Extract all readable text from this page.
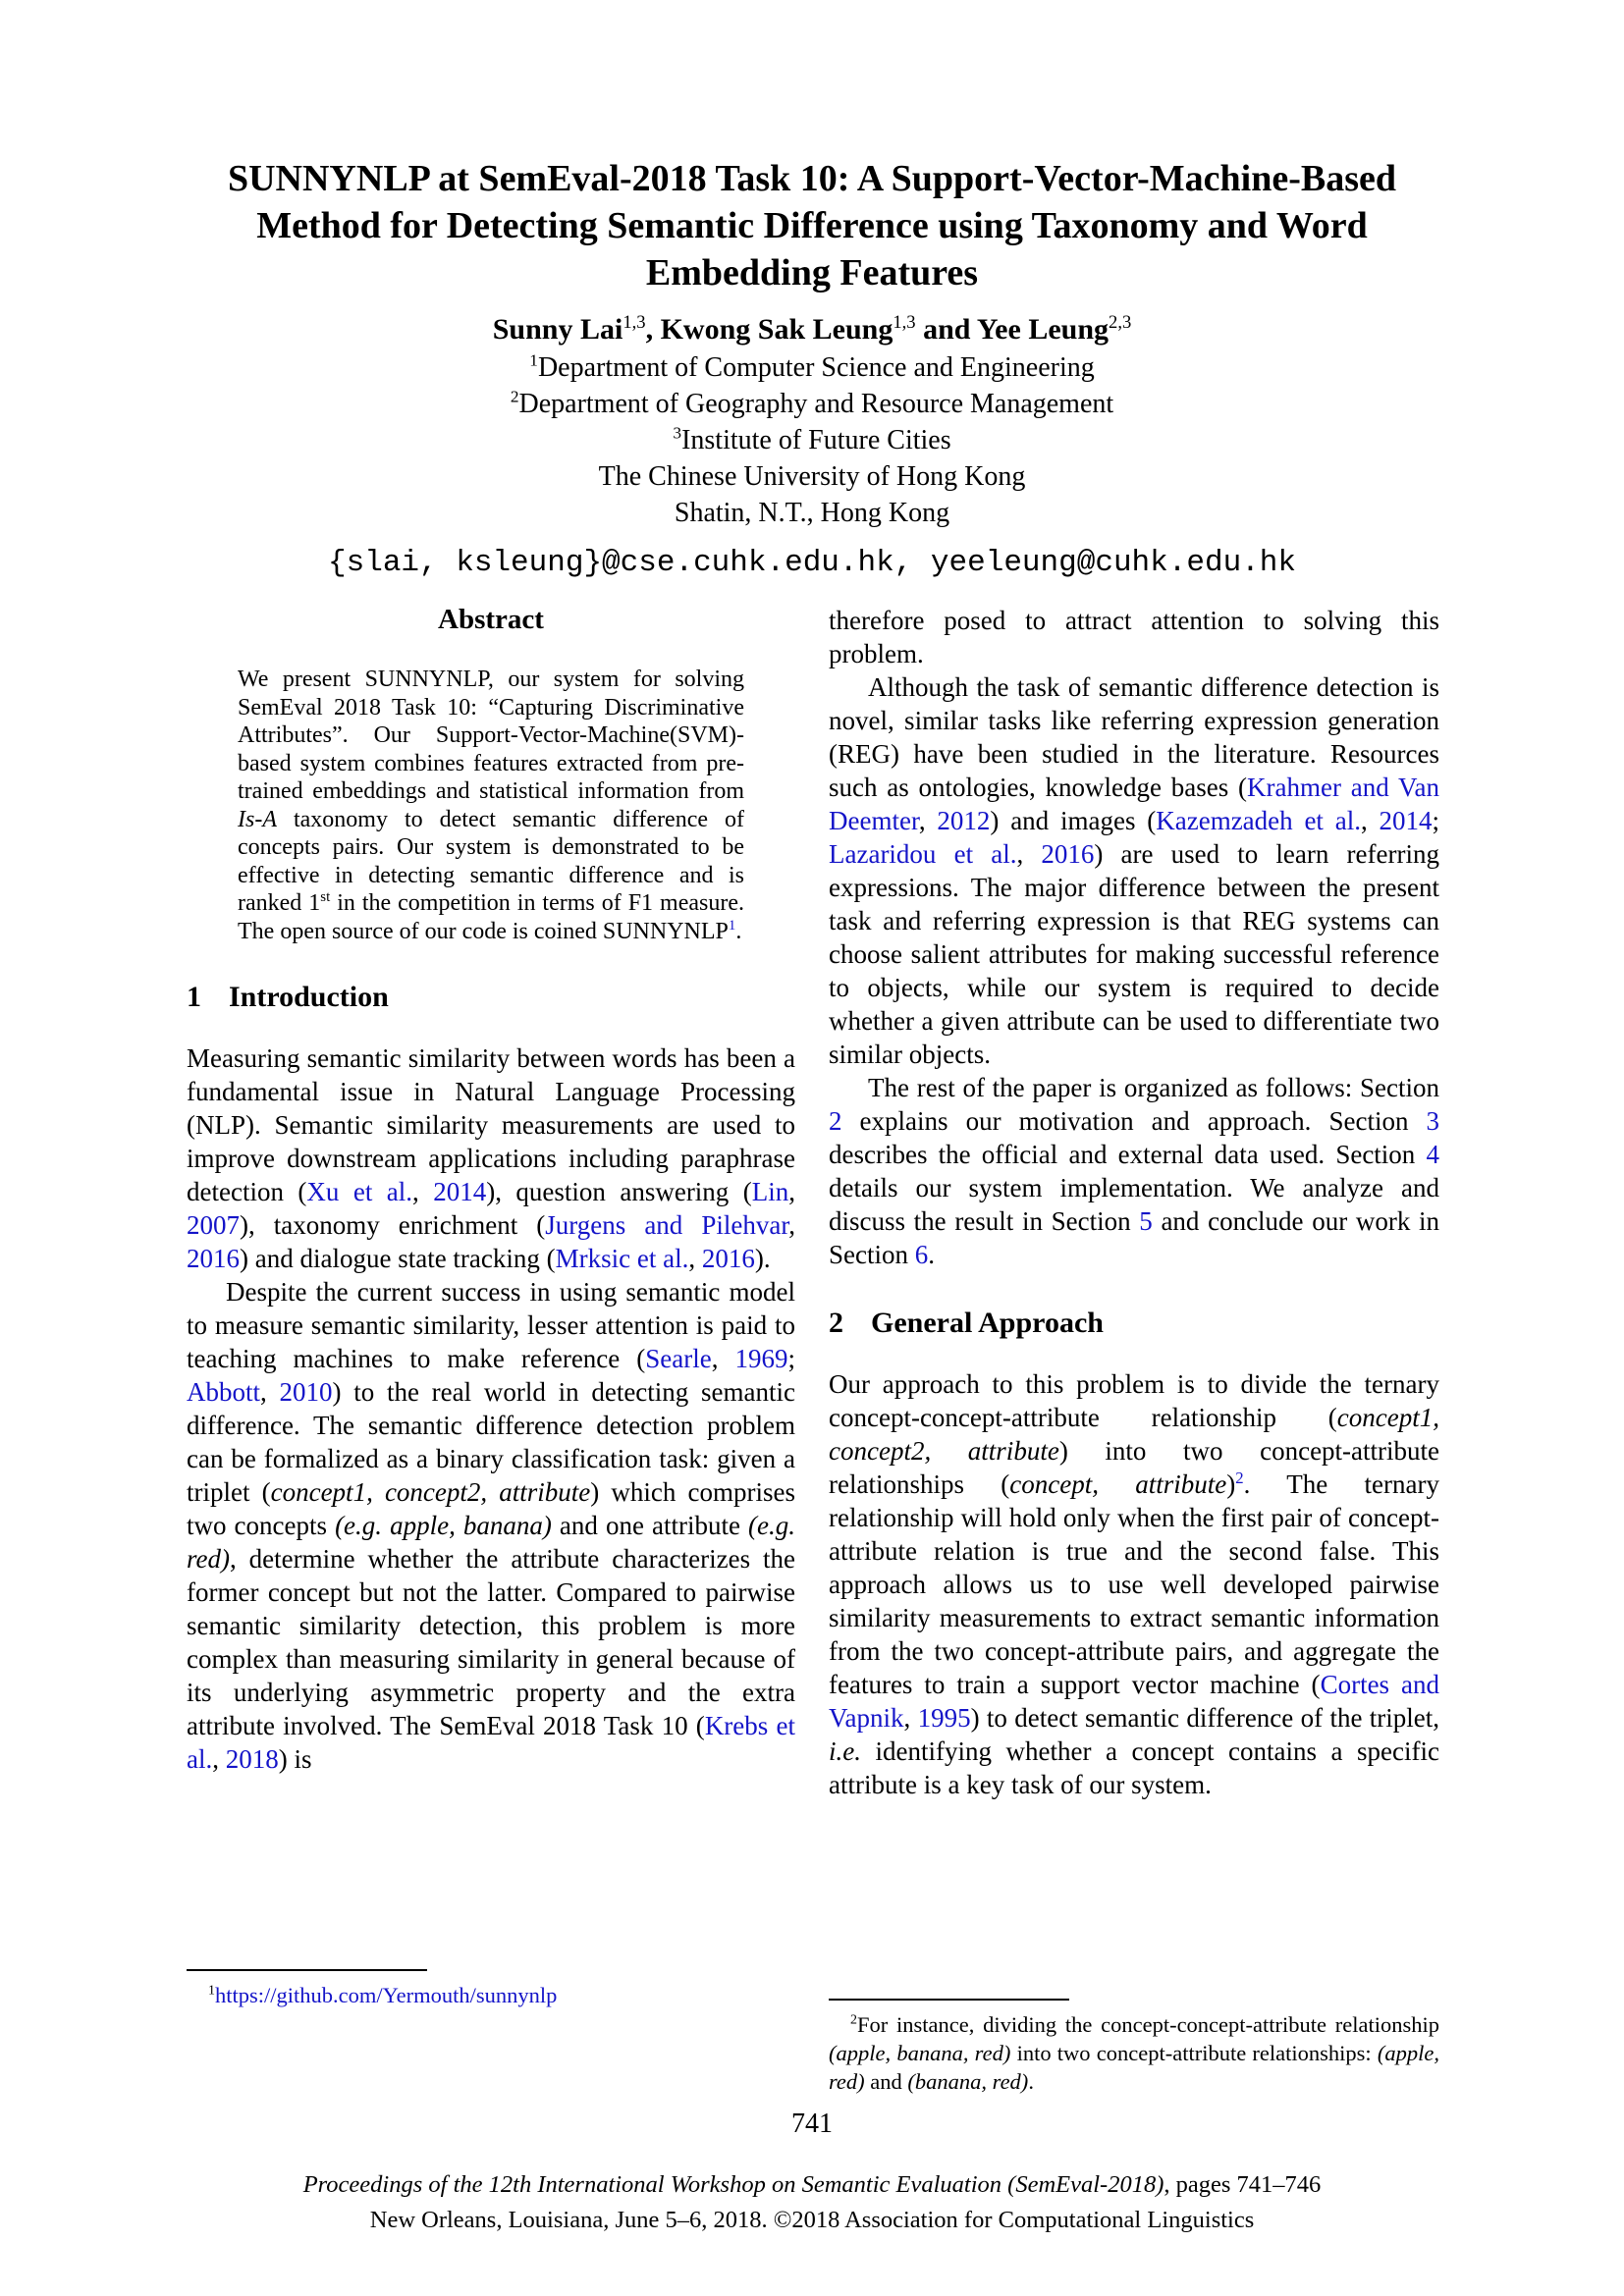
SUNNYNLP at SemEval-2018 Task 10: A Support-Vector-Machine-Based
Method for Detecting Semantic Difference using Taxonomy and Word
Embedding Features
Sunny Lai$^{1,3}$, Kwong Sak Leung$^{1,3}$ and Yee Leung$^{2,3}$
$^1$Department of Computer Science and Engineering
$^2$Department of Geography and Resource Management
$^3$Institute of Future Cities
The Chinese University of Hong Kong
Shatin, N.T., Hong Kong
{slai, ksleung}@cse.cuhk.edu.hk, yeeleung@cuhk.edu.hk
Abstract

We present SUNNYNLP, our system for solving SemEval 2018 Task 10: “Capturing Discriminative Attributes”. Our Support-Vector-Machine(SVM)-based system combines features extracted from pre-trained embeddings and statistical information from Is-A taxonomy to detect semantic difference of concepts pairs. Our system is demonstrated to be effective in detecting semantic difference and is ranked 1st in the competition in terms of F1 measure. The open source of our code is coined SUNNYNLP$^1$.

1 Introduction

Measuring semantic similarity between words has been a fundamental issue in Natural Language Processing (NLP). Semantic similarity measurements are used to improve downstream applications including paraphrase detection (Xu et al., 2014), question answering (Lin, 2007), taxonomy enrichment (Jurgens and Pilehvar, 2016) and dialogue state tracking (Mrksic et al., 2016).

Despite the current success in using semantic model to measure semantic similarity, lesser attention is paid to teaching machines to make reference (Searle, 1969; Abbott, 2010) to the real world in detecting semantic difference. The semantic difference detection problem can be formalized as a binary classification task: given a triplet (concept1, concept2, attribute) which comprises two concepts (e.g. apple, banana) and one attribute (e.g. red), determine whether the attribute characterizes the former concept but not the latter. Compared to pairwise semantic similarity detection, this problem is more complex than measuring similarity in general because of its underlying asymmetric property and the extra attribute involved. The SemEval 2018 Task 10 (Krebs et al., 2018) is

$^1$https://github.com/Yermouth/sunnynlp

therefore posed to attract attention to solving this problem.

Although the task of semantic difference detection is novel, similar tasks like referring expression generation (REG) have been studied in the literature. Resources such as ontologies, knowledge bases (Krahmer and Van Deemter, 2012) and images (Kazemzadeh et al., 2014; Lazaridou et al., 2016) are used to learn referring expressions. The major difference between the present task and referring expression is that REG systems can choose salient attributes for making successful reference to objects, while our system is required to decide whether a given attribute can be used to differentiate two similar objects.

The rest of the paper is organized as follows: Section 2 explains our motivation and approach. Section 3 describes the official and external data used. Section 4 details our system implementation. We analyze and discuss the result in Section 5 and conclude our work in Section 6.

2 General Approach

Our approach to this problem is to divide the ternary concept-concept-attribute relationship (concept1, concept2, attribute) into two concept-attribute relationships (concept, attribute)$^2$. The ternary relationship will hold only when the first pair of concept-attribute relation is true and the second false. This approach allows us to use well developed pairwise similarity measurements to extract semantic information from the two concept-attribute pairs, and aggregate the features to train a support vector machine (Cortes and Vapnik, 1995) to detect semantic difference of the triplet, i.e. identifying whether a concept contains a specific attribute is a key task of our system.

$^2$For instance, dividing the concept-concept-attribute relationship (apple, banana, red) into two concept-attribute relationships: (apple, red) and (banana, red).

741
Proceedings of the 12th International Workshop on Semantic Evaluation (SemEval-2018), pages 741–746
New Orleans, Louisiana, June 5–6, 2018. ©2018 Association for Computational Linguistics
